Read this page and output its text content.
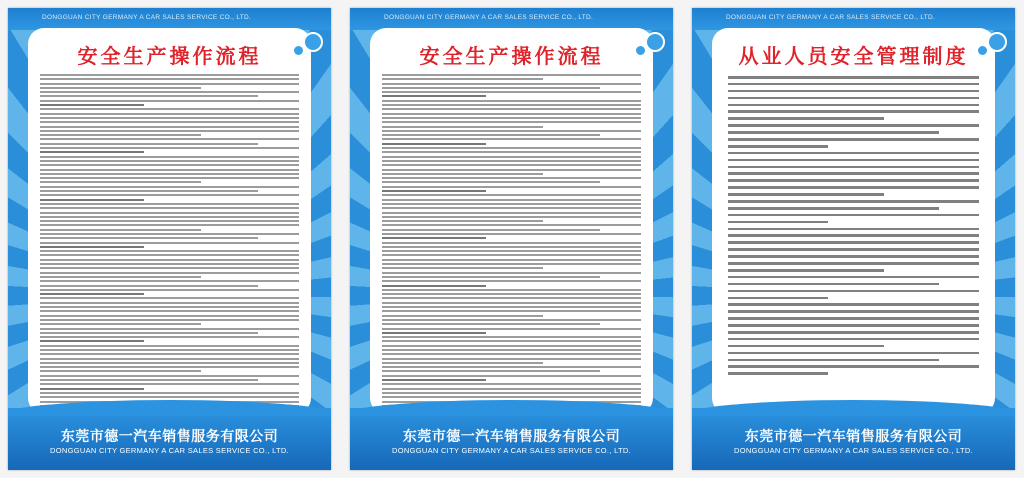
DONGGUAN CITY GERMANY A CAR SALES SERVICE CO., LTD.
安全生产操作流程
东莞市德一汽车销售服务有限公司
DONGGUAN CITY GERMANY A CAR SALES SERVICE CO., LTD.
DONGGUAN CITY GERMANY A CAR SALES SERVICE CO., LTD.
安全生产操作流程
东莞市德一汽车销售服务有限公司
DONGGUAN CITY GERMANY A CAR SALES SERVICE CO., LTD.
DONGGUAN CITY GERMANY A CAR SALES SERVICE CO., LTD.
从业人员安全管理制度
东莞市德一汽车销售服务有限公司
DONGGUAN CITY GERMANY A CAR SALES SERVICE CO., LTD.
